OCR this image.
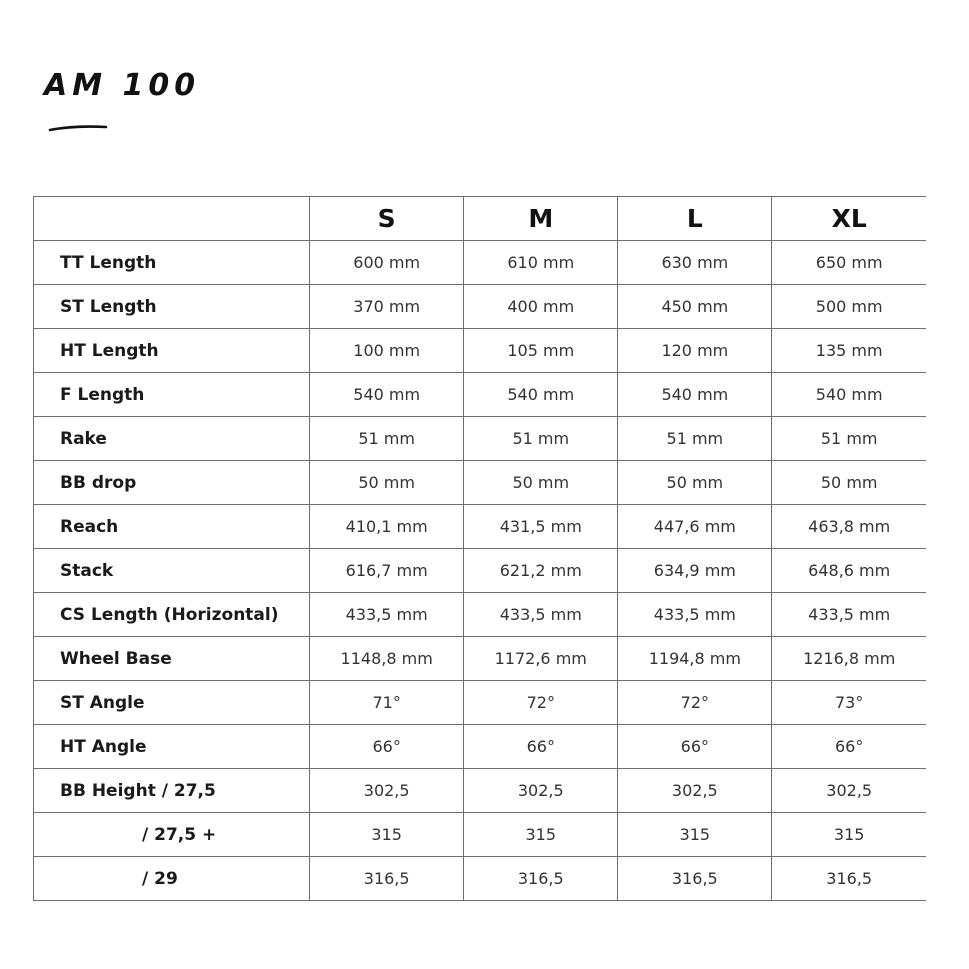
AM 100
	S	M	L	XL
TT Length	600 mm	610 mm	630 mm	650 mm
ST Length	370 mm	400 mm	450 mm	500 mm
HT Length	100 mm	105 mm	120 mm	135 mm
F Length	540 mm	540 mm	540 mm	540 mm
Rake	51 mm	51 mm	51 mm	51 mm
BB drop	50 mm	50 mm	50 mm	50 mm
Reach	410,1 mm	431,5 mm	447,6 mm	463,8 mm
Stack	616,7 mm	621,2 mm	634,9 mm	648,6 mm
CS Length (Horizontal)	433,5 mm	433,5 mm	433,5 mm	433,5 mm
Wheel Base	1148,8 mm	1172,6 mm	1194,8 mm	1216,8 mm
ST Angle	71°	72°	72°	73°
HT Angle	66°	66°	66°	66°
BB Height / 27,5	302,5	302,5	302,5	302,5
/ 27,5 +	315	315	315	315
/ 29	316,5	316,5	316,5	316,5
